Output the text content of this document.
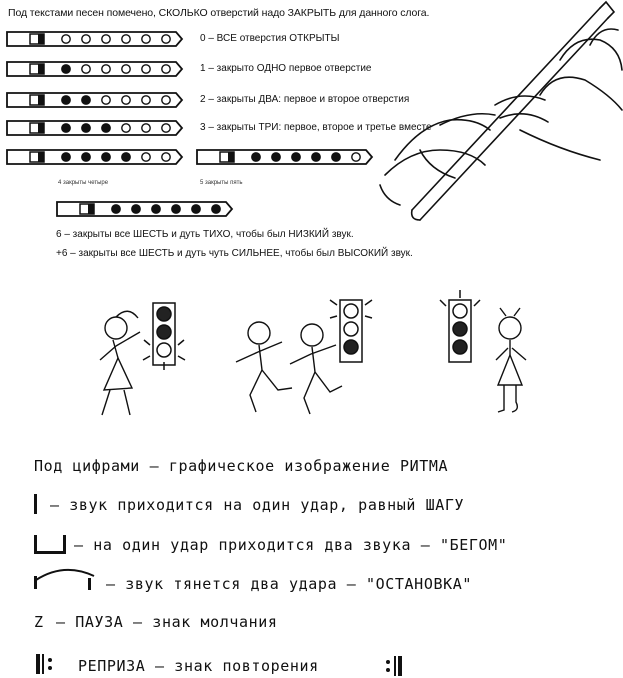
Под текстами песен помечено, СКОЛЬКО отверстий надо ЗАКРЫТЬ для данного слога.
0 – ВСЕ отверстия ОТКРЫТЫ
1 – закрыто ОДНО первое отверстие
2 – закрыты ДВА: первое и второе отверстия
3 – закрыты ТРИ: первое, второе и третье вместе
4 закрыты четыре	5 закрыты пять
6 – закрыты все ШЕСТЬ и дуть ТИХО, чтобы был НИЗКИЙ звук.
+6 – закрыты все ШЕСТЬ и дуть чуть СИЛЬНЕЕ, чтобы был ВЫСОКИЙ звук.
Под цифрами – графическое изображение РИТМА
– звук приходится на один удар, равный ШАГУ
– на один удар приходится два звука – "БЕГОМ"
– звук тянется два удара – "ОСТАНОВКА"
Z – ПАУЗА – знак молчания
РЕПРИЗА – знак повторения
